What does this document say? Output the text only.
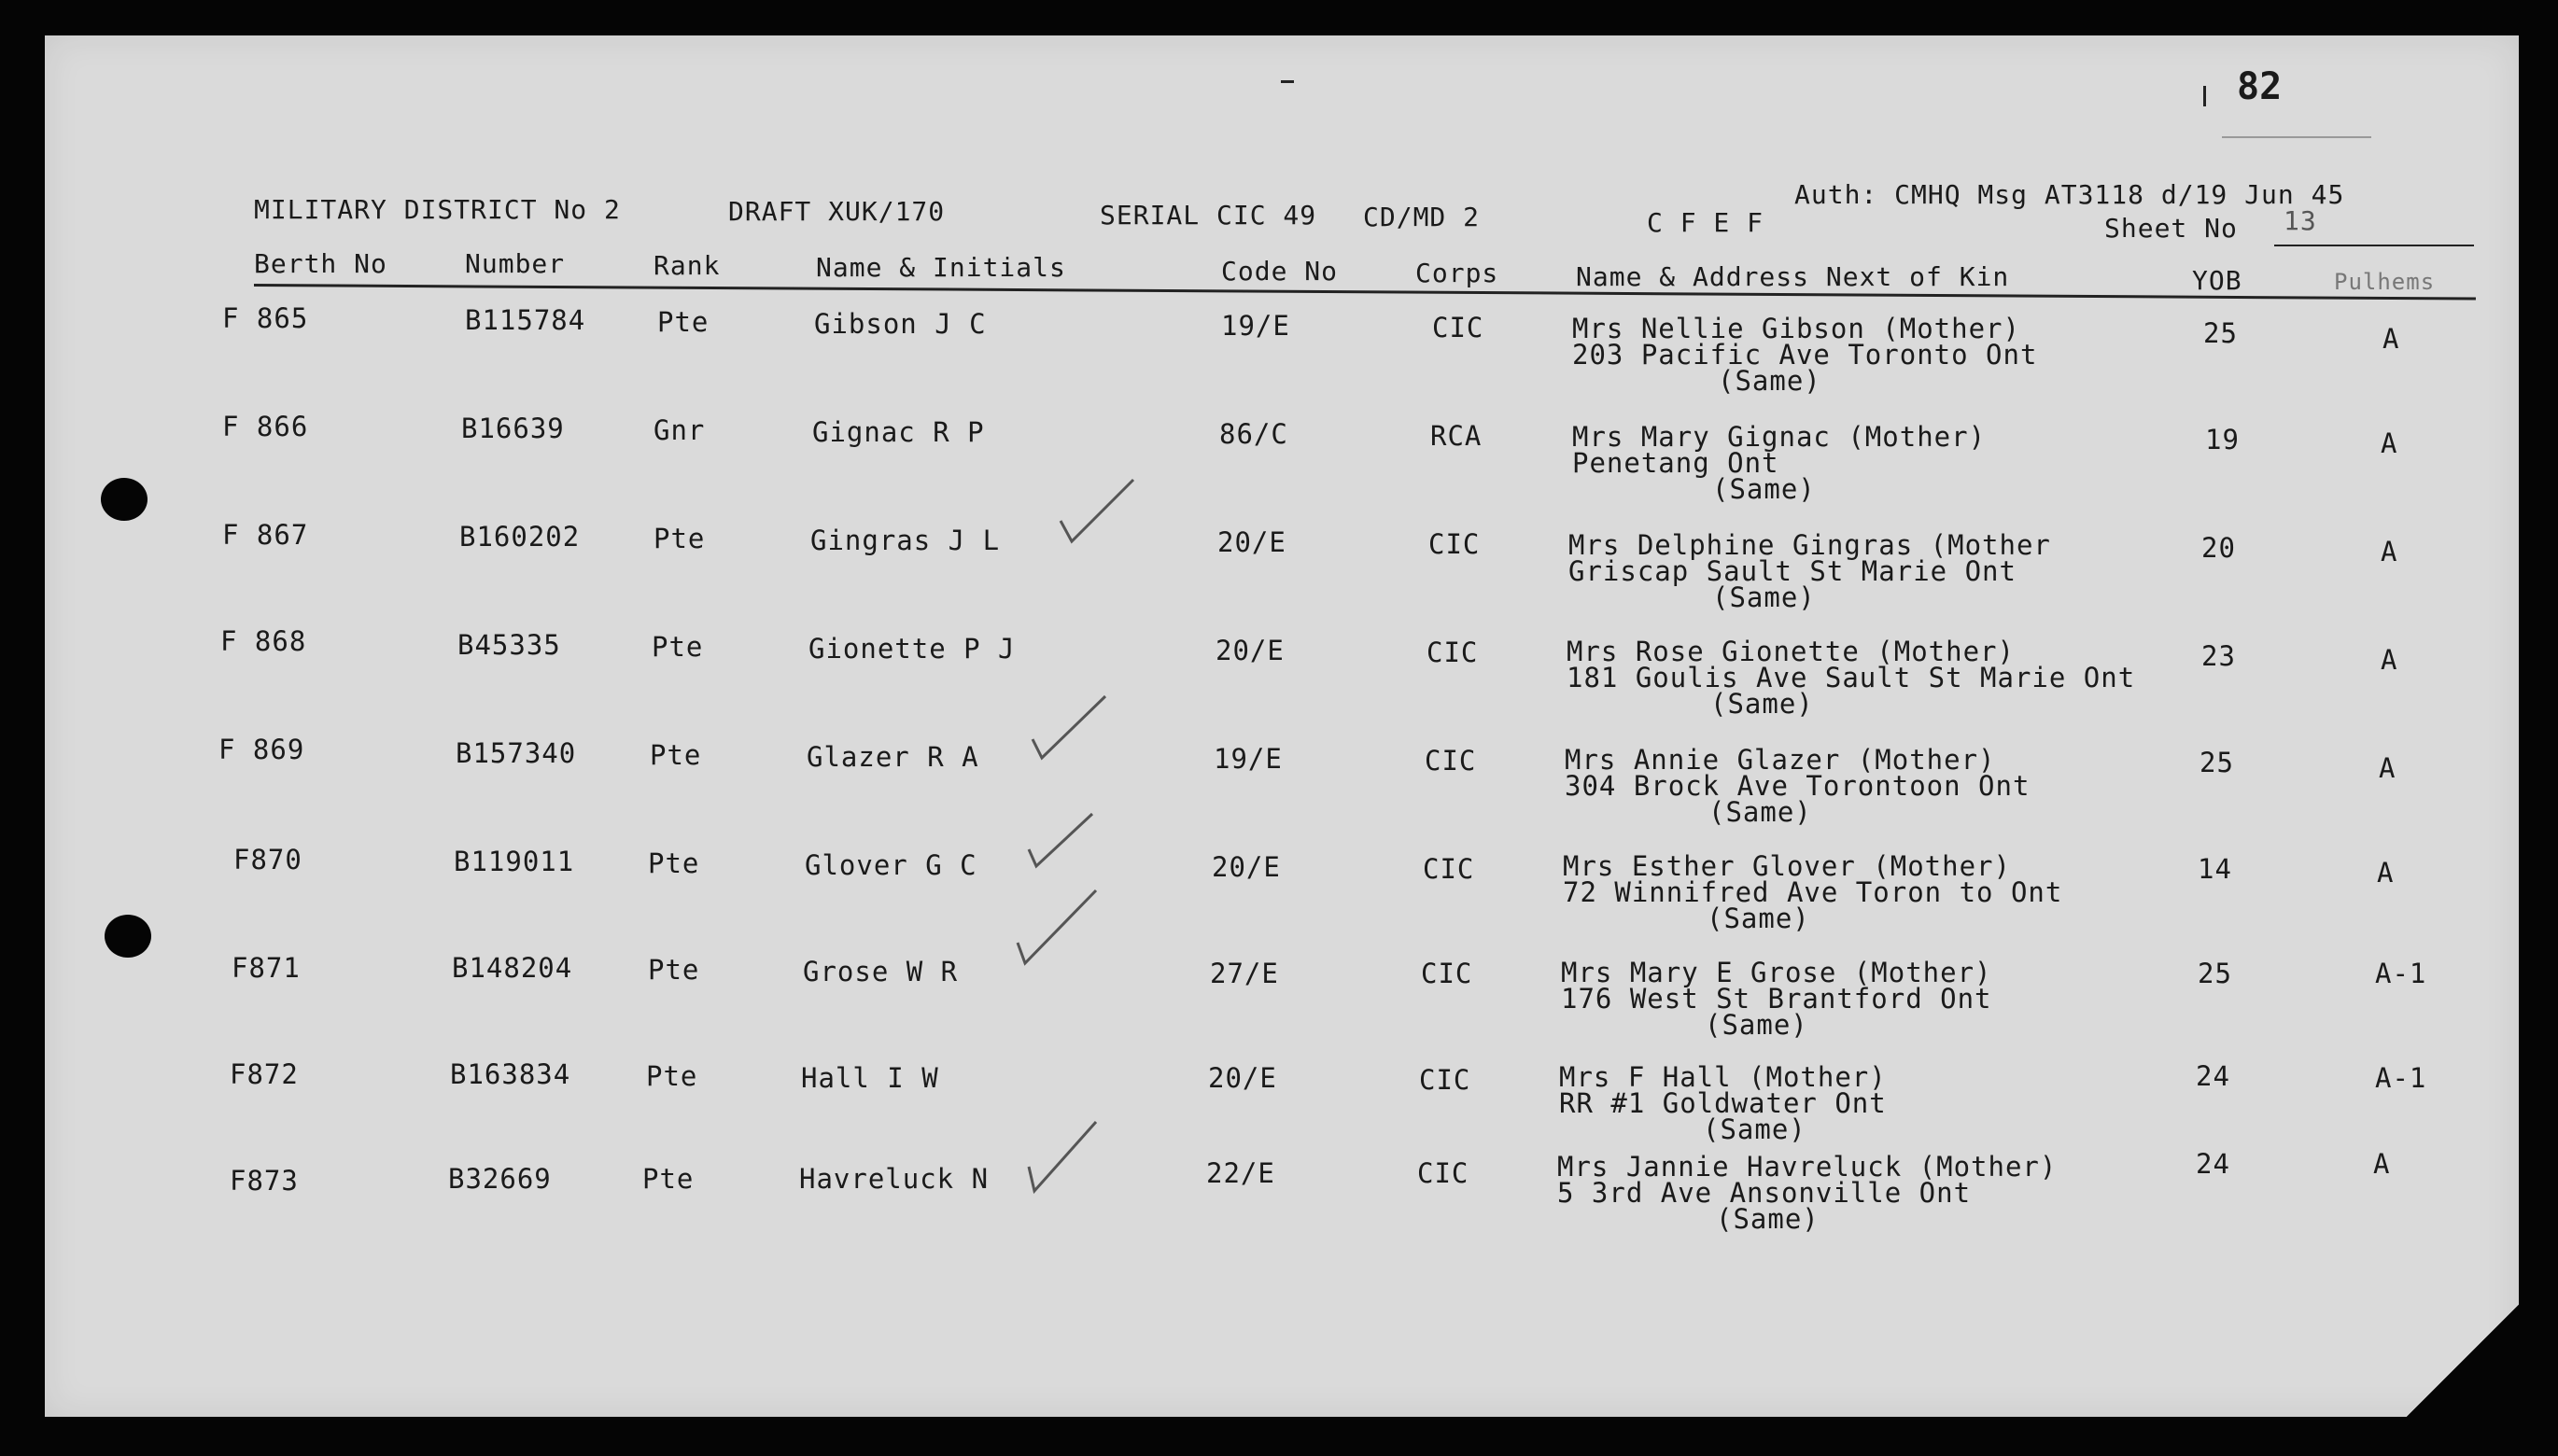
82
MILITARY DISTRICT No 2	DRAFT XUK/170	SERIAL CIC 49 CD/MD 2	C F E F
Auth: CMHQ Msg AT3118 d/19 Jun 45
Sheet No 13
Berth No	Number	Rank	Name & Initials	Code No	Corps	Name & Address Next of Kin	YOB	Pulhems
F 865	B115784	Pte	Gibson J C	19/E	CIC	Mrs Nellie Gibson (Mother)
203 Pacific Ave Toronto Ont
(Same)
25	A
F 866	B16639	Gnr	Gignac R P	86/C	RCA	Mrs Mary Gignac (Mother)
Penetang Ont
(Same)
19	A
F 867	B160202	Pte	Gingras J L	20/E	CIC	Mrs Delphine Gingras (Mother
Griscap Sault St Marie Ont
(Same)
20	A
F 868	B45335	Pte	Gionette P J	20/E	CIC	Mrs Rose Gionette (Mother)
181 Goulis Ave Sault St Marie Ont
(Same)
23	A
F 869	B157340	Pte	Glazer R A	19/E	CIC	Mrs Annie Glazer (Mother)
304 Brock Ave Torontoon Ont
(Same)
25	A
F870	B119011	Pte	Glover G C	20/E	CIC	Mrs Esther Glover (Mother)
72 Winnifred Ave Toron to Ont
(Same)
14	A
F871	B148204	Pte	Grose W R	27/E	CIC	Mrs Mary E Grose (Mother)
176 West St Brantford Ont
(Same)
25	A-1
F872	B163834	Pte	Hall I W	20/E	CIC	Mrs F Hall (Mother)
RR #1 Goldwater Ont
(Same)
24	A-1
F873	B32669	Pte	Havreluck N	22/E	CIC	Mrs Jannie Havreluck (Mother)
5 3rd Ave Ansonville Ont
(Same)
24	A
